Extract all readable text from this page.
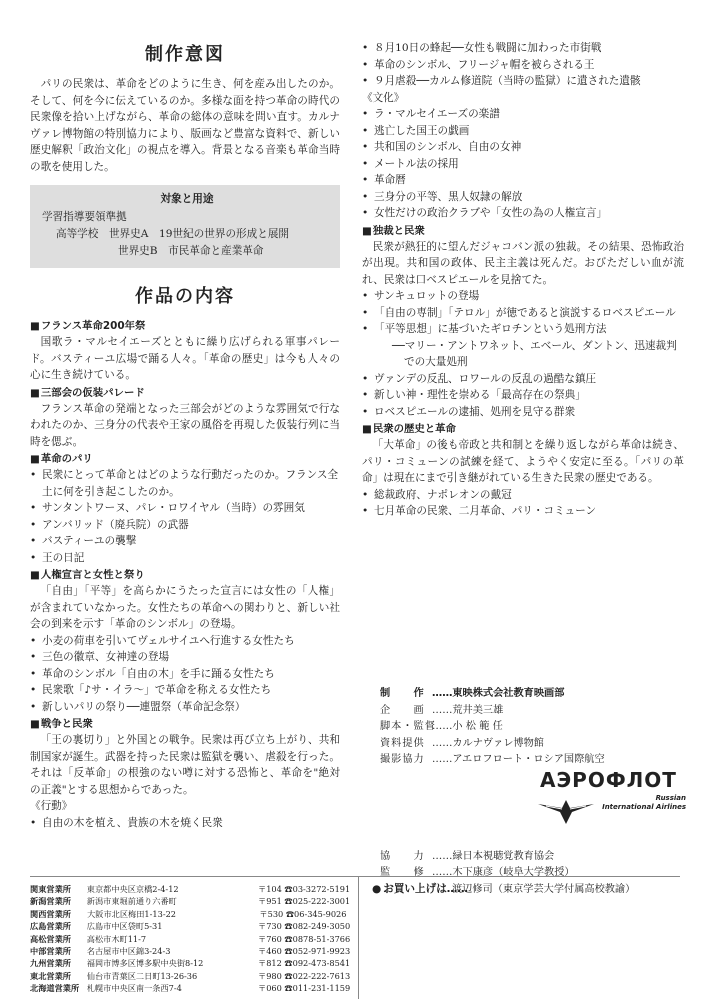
制作意図

パリの民衆は、革命をどのように生き、何を産み出したのか。そして、何を今に伝えているのか。多様な面を持つ革命の時代の民衆像を拾い上げながら、革命の総体の意味を問い直す。カルナヴァレ博物館の特別協力により、版画など豊富な資料で、新しい歴史解釈「政治文化」の視点を導入。背景となる音楽も革命当時の歌を使用した。

対象と用途
学習指導要領準拠
高等学校　世界史A　19世紀の世界の形成と展開
世界史B　市民革命と産業革命
作品の内容
■ フランス革命200年祭

国歌ラ・マルセイエーズとともに繰り広げられる軍事パレード。バスティーユ広場で踊る人々。「革命の歴史」は今も人々の心に生き続けている。

■ 三部会の仮装パレード

フランス革命の発端となった三部会がどのような雰囲気で行なわれたのか、三身分の代表や王家の風俗を再現した仮装行列に当時を偲ぶ。

■ 革命のパリ
• 民衆にとって革命とはどのような行動だったのか。フランス全土に何を引き起こしたのか。
• サンタントワーヌ、パレ・ロワイヤル（当時）の雰囲気
• アンバリッド（廃兵院）の武器
• バスティーユの襲撃
• 王の日記
■ 人権宣言と女性と祭り

「自由」「平等」を高らかにうたった宣言には女性の「人権」が含まれていなかった。女性たちの革命への関わりと、新しい社会の到来を示す「革命のシンボル」の登場。

• 小麦の荷車を引いてヴェルサイユへ行進する女性たち
• 三色の徽章、女神達の登場
• 革命のシンボル「自由の木」を手に踊る女性たち
• 民衆歌「♪サ・イラ～」で革命を称える女性たち
• 新しいパリの祭り──連盟祭（革命記念祭）
■ 戦争と民衆

「王の裏切り」と外国との戦争。民衆は再び立ち上がり、共和制国家が誕生。武器を持った民衆は監獄を襲い、虐殺を行った。それは「反革命」の根強のない噂に対する恐怖と、革命を"絶対の正義"とする思想からであった。

《行動》
• 自由の木を植え、貴族の木を焼く民衆
• ８月10日の蜂起──女性も戦闘に加わった市街戦
• 革命のシンボル、フリージャ帽を被らされる王
• ９月虐殺──カルム修道院（当時の監獄）に遺された遺骸
《文化》
• ラ・マルセイエーズの楽譜
• 逃亡した国王の戯画
• 共和国のシンボル、自由の女神
• メートル法の採用
• 革命暦
• 三身分の平等、黒人奴隷の解放
• 女性だけの政治クラブや「女性の為の人権宣言」
■ 独裁と民衆

民衆が熱狂的に望んだジャコバン派の独裁。その結果、恐怖政治が出現。共和国の政体、民主主義は死んだ。おびただしい血が流れ、民衆は口ベスピエールを見捨てた。

• サンキュロットの登場
• 「自由の専制」「テロル」が徳であると演説するロベスピエール
• 「平等思想」に基づいたギロチンという処刑方法
──マリー・アントワネット、エベール、ダントン、迅速裁判での大量処刑
• ヴァンデの反乱、ロワールの反乱の過酷な鎮圧
• 新しい神・理性を崇める「最高存在の祭典」
• ロベスピエールの逮捕、処刑を見守る群衆
■ 民衆の歴史と革命

「大革命」の後も帝政と共和制とを繰り返しながら革命は続き、パリ・コミューンの試練を経て、ようやく安定に至る。「パリの革命」は現在にまで引き継がれている生きた民衆の歴史である。

• 総裁政府、ナポレオンの戴冠
• 七月革命の民衆、二月革命、パリ・コミューン
制　　作 ……東映株式会社教育映画部
企　　画 ……荒井美三雄
脚本・監督
……小 松 範 任
資料提供 ……カルナヴァレ博物館
撮影協力 ……アエロフロート・ロシア国際航空
協　　力 ……緑日本視聴覚教育協会
監　　修 ……木下康彦（岐阜大学教授）
渡辺修司（東京学芸大学付属高校教諭）
АЭРОФЛОТ
Russian
International Airlines
関東営業所	東京都中央区京橋2-4-12	〒104 ☎03-3272-5191
新潟営業所	新潟市東堀前通り六番町	〒951 ☎025-222-3001
関西営業所	大阪市北区梅田1-13-22	〒530 ☎06-345-9026
広島営業所	広島市中区袋町5-31	〒730 ☎082-249-3050
高松営業所	高松市木町11-7	〒760 ☎0878-51-3766
中部営業所	名古屋市中区錦3-24-3	〒460 ☎052-971-9923
九州営業所	福岡市博多区博多駅中央街8-12	〒812 ☎092-473-8541
東北営業所	仙台市青葉区二日町13-26-36	〒980 ☎022-222-7613
北海道営業所 札幌市中央区南一条西7-4	〒060 ☎011-231-1159
● お買い上げは……
